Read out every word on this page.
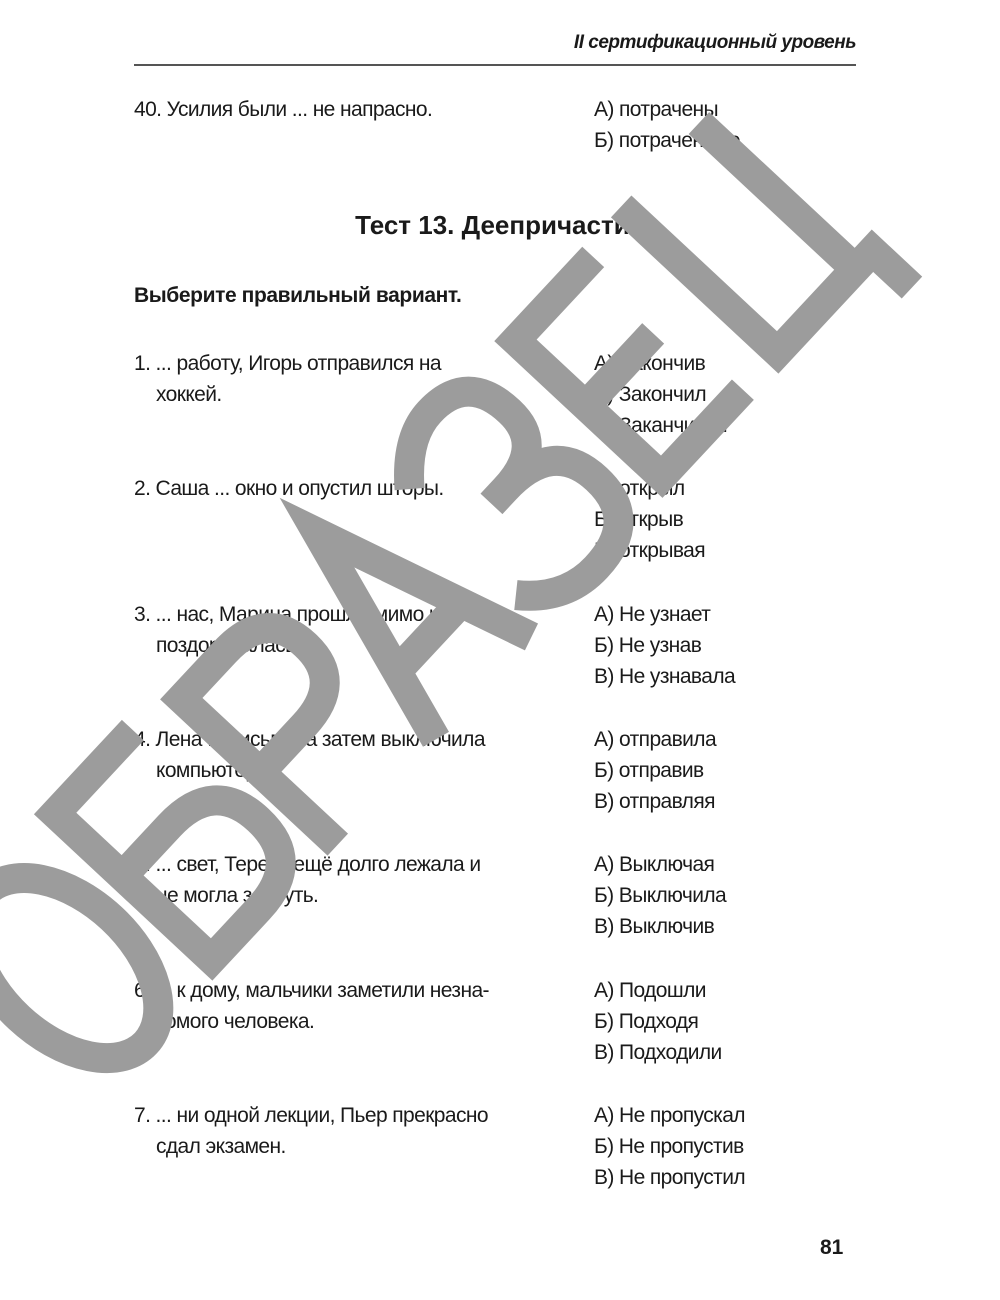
II сертификационный уровень
40. Усилия были ... не напрасно.	А) потрачены
Б) потраченные
Тест 13. Деепричастия
Выберите правильный вариант.
1. ... работу, Игорь отправился на
хоккей.
А) Закончив
Б) Закончил
В) Заканчивая
2. Саша ... окно и опустил шторы.	А) открыл
Б) открыв
В) открывая
3. ... нас, Марина прошла мимо и не
поздоровалась.
А) Не узнает
Б) Не узнав
В) Не узнавала
4. Лена ... письмо, а затем выключила
компьютер.
А) отправила
Б) отправив
В) отправляя
5. ... свет, Тереза ещё долго лежала и
не могла заснуть.
А) Выключая
Б) Выключила
В) Выключив
6. ... к дому, мальчики заметили незна-
комого человека.
А) Подошли
Б) Подходя
В) Подходили
7. ... ни одной лекции, Пьер прекрасно
сдал экзамен.
А) Не пропускал
Б) Не пропустив
В) Не пропустил
81
